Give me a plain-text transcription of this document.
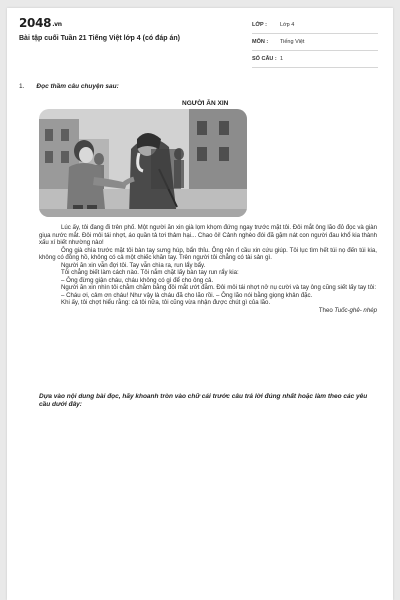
2048.vn
Bài tập cuối Tuần 21 Tiếng Việt lớp 4 (có đáp án)
LỚP :	Lớp 4
MÔN :	Tiếng Việt
SỐ CÂU : 1
1. Đọc thầm câu chuyện sau:
NGƯỜI ĂN XIN

Lúc ấy, tôi đang đi trên phố. Một người ăn xin già lọm khọm đứng ngay trước mặt tôi. Đôi mắt ông lão đỏ đọc và giàn giụa nước mắt. Đôi môi tái nhợt, áo quần tả tơi thảm hại... Chao ôi! Cảnh nghèo đói đã gặm nát con người đau khổ kia thành xấu xí biết nhường nào!

Ông già chìa trước mặt tôi bàn tay sưng húp, bẩn thỉu. Ông rên rỉ cầu xin cứu giúp. Tôi lục tìm hết túi nọ đến túi kia, không có đồng hồ, không có cả một chiếc khăn tay. Trên người tôi chẳng có tài sản gì.

Người ăn xin vẫn đợi tôi. Tay vẫn chìa ra, run lẩy bẩy.

Tôi chẳng biết làm cách nào. Tôi nắm chặt lấy bàn tay run rẩy kia:

– Ông đừng giận cháu, cháu không có gì để cho ông cả.

Người ăn xin nhìn tôi chằm chằm bằng đôi mắt ướt đẫm. Đôi môi tái nhợt nở nụ cười và tay ông cũng siết lấy tay tôi:

– Cháu ơi, cảm ơn cháu! Như vậy là cháu đã cho lão rồi. – Ông lão nói bằng giọng khản đặc.

Khi ấy, tôi chợt hiểu rằng: cả tôi nữa, tôi cũng vừa nhận được chút gì của lão.

Theo Tuốc-ghê- nhép

Dựa vào nội dung bài đọc, hãy khoanh tròn vào chữ cái trước câu trả lời đúng nhất hoặc làm theo các yêu cầu dưới đây:
